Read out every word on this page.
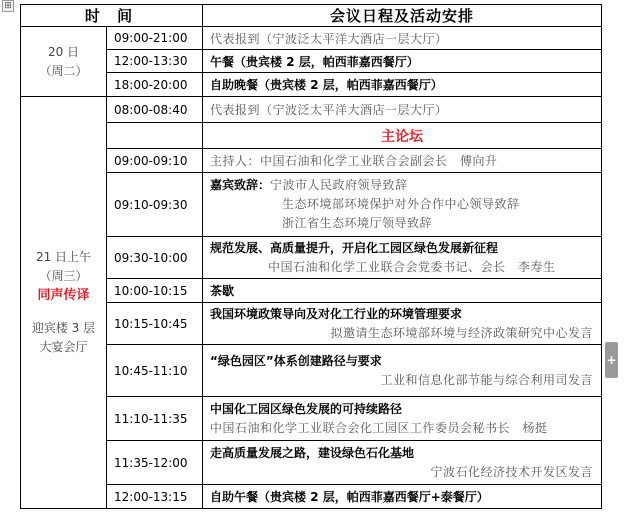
⊞
时 间		会议日程及活动安排

20 日
（周二）	09:00-21:00	代表报到（宁波泛太平洋大酒店一层大厅）
	12:00-13:30	午餐（贵宾楼 2 层，帕西菲嘉西餐厅）
	18:00-20:00	自助晚餐（贵宾楼 2 层，帕西菲嘉西餐厅）

21 日上午
（周三）
同声传译
迎宾楼 3 层
大宴会厅	08:00-08:40	代表报到（宁波泛太平洋大酒店一层大厅）
		主论坛
	09:00-09:10	主持人：中国石油和化学工业联合会副会长　傅向升
	09:10-09:30	嘉宾致辞：宁波市人民政府领导致辞
生态环境部环境保护对外合作中心领导致辞
浙江省生态环境厅领导致辞

	09:30-10:00	规范发展、高质量提升，开启化工园区绿色发展新征程
中国石油和化学工业联合会党委书记、会长　李寿生

	10:00-10:15	茶歇
	10:15-10:45	我国环境政策导向及对化工行业的环境管理要求
拟邀请生态环境部环境与经济政策研究中心发言

	10:45-11:10	“绿色园区”体系创建路径与要求
工业和信息化部节能与综合利用司发言

	11:10-11:35	中国化工园区绿色发展的可持续路径
中国石油和化学工业联合会化工园区工作委员会秘书长　杨挺

	11:35-12:00	走高质量发展之路，建设绿色石化基地
宁波石化经济技术开发区发言

	12:00-13:15	自助午餐（贵宾楼 2 层，帕西菲嘉西餐厅+泰餐厅）
+
